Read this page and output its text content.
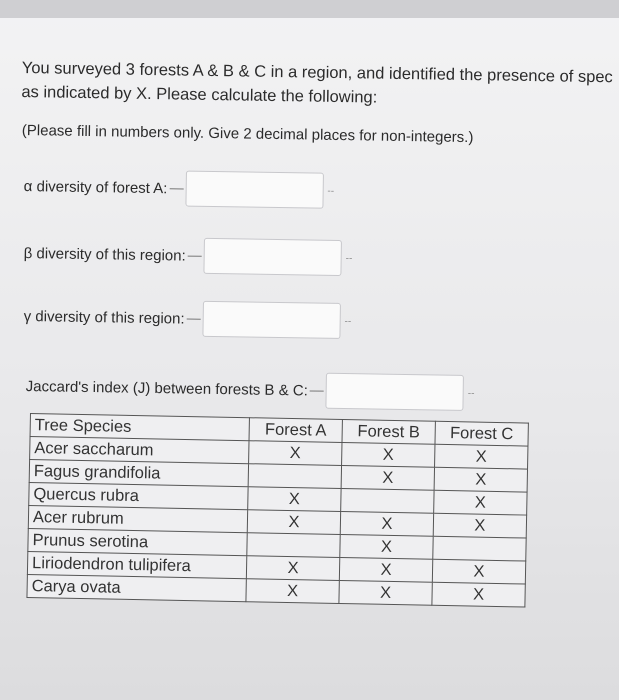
You surveyed 3 forests A & B & C in a region, and identified the presence of spec
as indicated by X. Please calculate the following:
(Please fill in numbers only. Give 2 decimal places for non-integers.)
α diversity of forest A:	--
β diversity of this region:	--
γ diversity of this region:	--
Jaccard's index (J) between forests B & C:	--
Tree Species	Forest A	Forest B	Forest C
Acer saccharum	X	X	X
Fagus grandifolia		X	X
Quercus rubra	X		X
Acer rubrum	X	X	X
Prunus serotina		X	
Liriodendron tulipifera	X	X	X
Carya ovata	X	X	X
